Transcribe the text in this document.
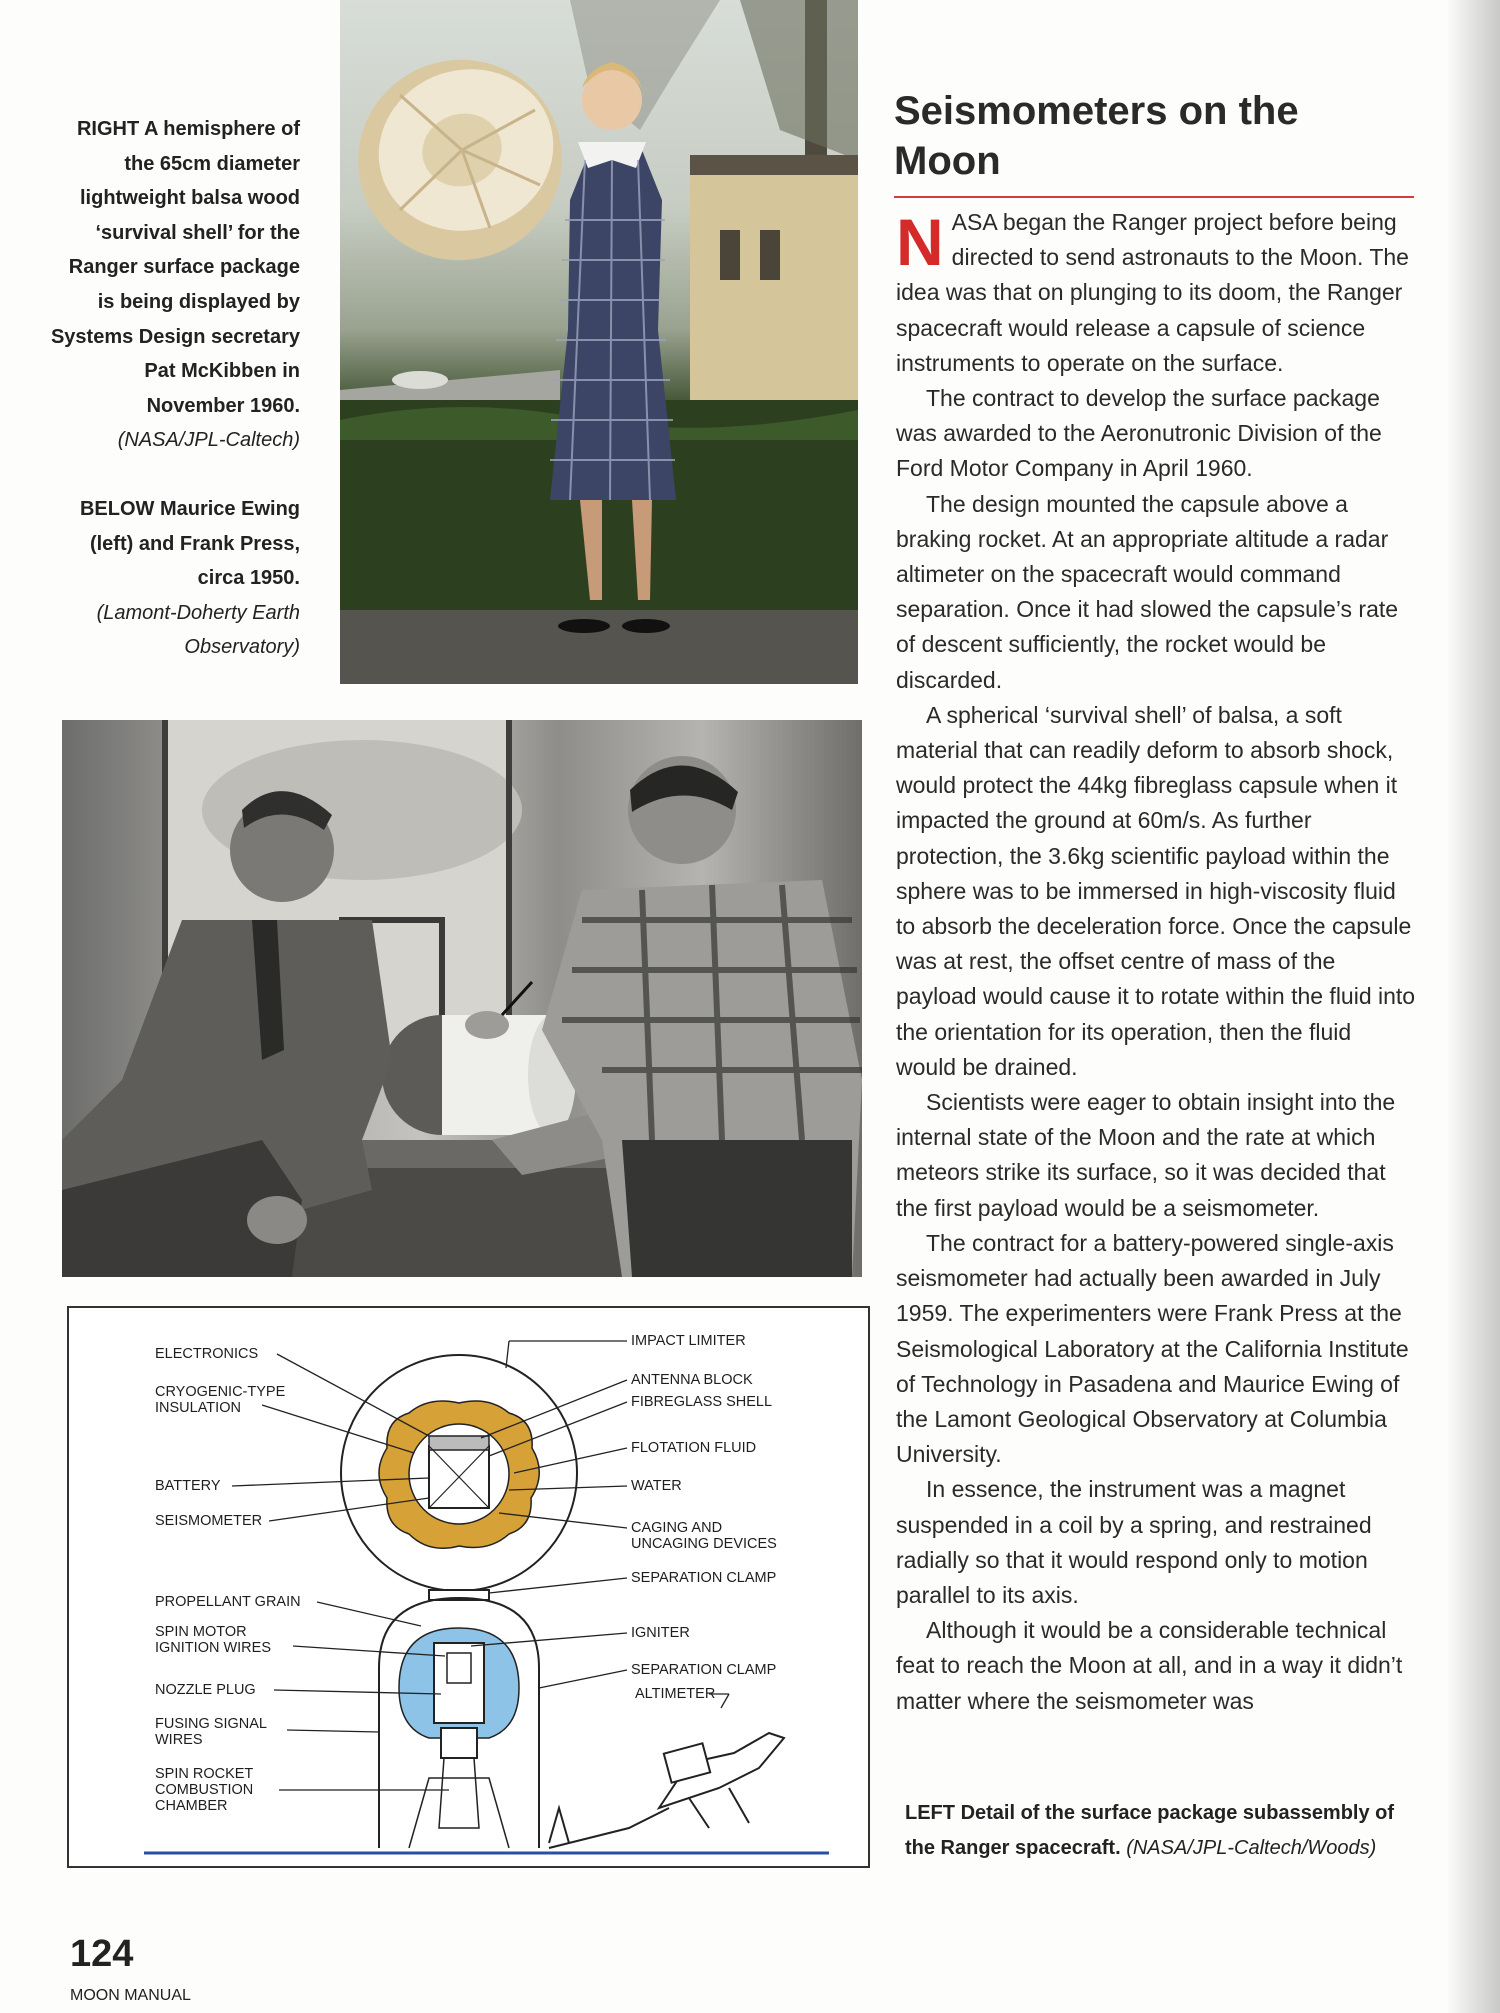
RIGHT A hemisphere of the 65cm diameter lightweight balsa wood ‘survival shell’ for the Ranger surface package is being displayed by Systems Design secretary Pat McKibben in November 1960.

(NASA/JPL-Caltech)

BELOW Maurice Ewing (left) and Frank Press, circa 1950.

(Lamont-Doherty Earth Observatory)

ELECTRONICS
CRYOGENIC-TYPE
INSULATION
BATTERY
SEISMOMETER
PROPELLANT GRAIN
SPIN MOTOR
IGNITION WIRES
NOZZLE PLUG
FUSING SIGNAL
WIRES
SPIN ROCKET
COMBUSTION
CHAMBER
IMPACT LIMITER
ANTENNA BLOCK
FIBREGLASS SHELL
FLOTATION FLUID
WATER
CAGING AND
UNCAGING DEVICES
SEPARATION CLAMP
IGNITER
SEPARATION CLAMP
ALTIMETER
Seismometers on the Moon

NASA began the Ranger project before being directed to send astronauts to the Moon. The idea was that on plunging to its doom, the Ranger spacecraft would release a capsule of science instruments to operate on the surface.

The contract to develop the surface package was awarded to the Aeronutronic Division of the Ford Motor Company in April 1960.

The design mounted the capsule above a braking rocket. At an appropriate altitude a radar altimeter on the spacecraft would command separation. Once it had slowed the capsule’s rate of descent sufficiently, the rocket would be discarded.

A spherical ‘survival shell’ of balsa, a soft material that can readily deform to absorb shock, would protect the 44kg fibreglass capsule when it impacted the ground at 60m/s. As further protection, the 3.6kg scientific payload within the sphere was to be immersed in high-viscosity fluid to absorb the deceleration force. Once the capsule was at rest, the offset centre of mass of the payload would cause it to rotate within the fluid into the orientation for its operation, then the fluid would be drained.

Scientists were eager to obtain insight into the internal state of the Moon and the rate at which meteors strike its surface, so it was decided that the first payload would be a seismometer.

The contract for a battery-powered single-axis seismometer had actually been awarded in July 1959. The experimenters were Frank Press at the Seismological Laboratory at the California Institute of Technology in Pasadena and Maurice Ewing of the Lamont Geological Observatory at Columbia University.

In essence, the instrument was a magnet suspended in a coil by a spring, and restrained radially so that it would respond only to motion parallel to its axis.

Although it would be a considerable technical feat to reach the Moon at all, and in a way it didn’t matter where the seismometer was

LEFT Detail of the surface package subassembly of the Ranger spacecraft. (NASA/JPL-Caltech/Woods)

124

MOON MANUAL
